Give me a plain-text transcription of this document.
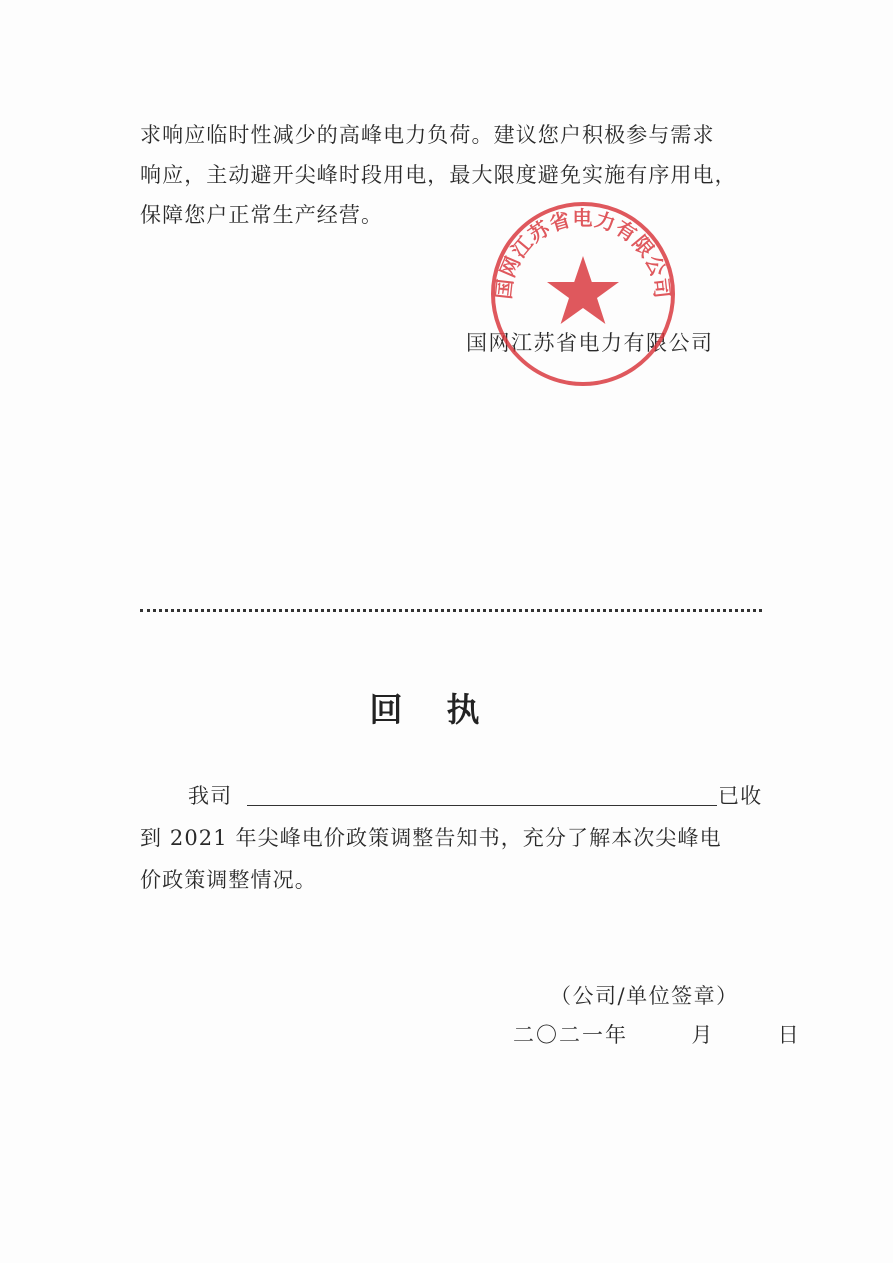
求响应临时性减少的高峰电力负荷。建议您户积极参与需求
响应，主动避开尖峰时段用电，最大限度避免实施有序用电，
保障您户正常生产经营。
国网江苏省电力有限公司
国网江苏省电力有限公司
回执
我司	已收
到 2021 年尖峰电价政策调整告知书，充分了解本次尖峰电
价政策调整情况。
（公司/单位签章）
二〇二一年	月	日
